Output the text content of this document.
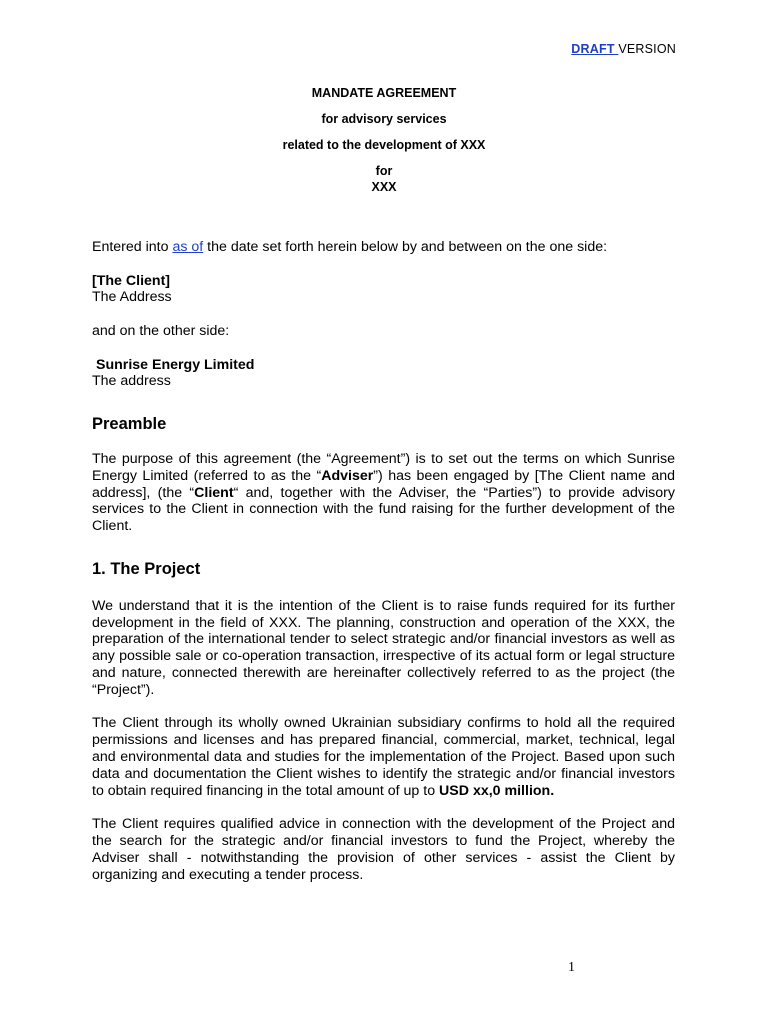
DRAFT VERSION
MANDATE AGREEMENT
for advisory services
related to the development of XXX
for
XXX

Entered into as of the date set forth herein below by and between on the one side:

[The Client]

The Address

and on the other side:

Sunrise Energy Limited

The address

Preamble

The purpose of this agreement (the “Agreement”) is to set out the terms on which Sunrise Energy Limited (referred to as the “Adviser”) has been engaged by [The Client name and address], (the “Client“ and, together with the Adviser, the “Parties”) to provide advisory services to the Client in connection with the fund raising for the further development of the Client.

1. The Project

We understand that it is the intention of the Client is to raise funds required for its further development in the field of XXX. The planning, construction and operation of the XXX, the preparation of the international tender to select strategic and/or financial investors as well as any possible sale or co-operation transaction, irrespective of its actual form or legal structure and nature, connected therewith are hereinafter collectively referred to as the project (the “Project”).

The Client through its wholly owned Ukrainian subsidiary confirms to hold all the required permissions and licenses and has prepared financial, commercial, market, technical, legal and environmental data and studies for the implementation of the Project. Based upon such data and documentation the Client wishes to identify the strategic and/or financial investors to obtain required financing in the total amount of up to USD xx,0 million.

The Client requires qualified advice in connection with the development of the Project and the search for the strategic and/or financial investors to fund the Project, whereby the Adviser shall - notwithstanding the provision of other services - assist the Client by organizing and executing a tender process.

1
